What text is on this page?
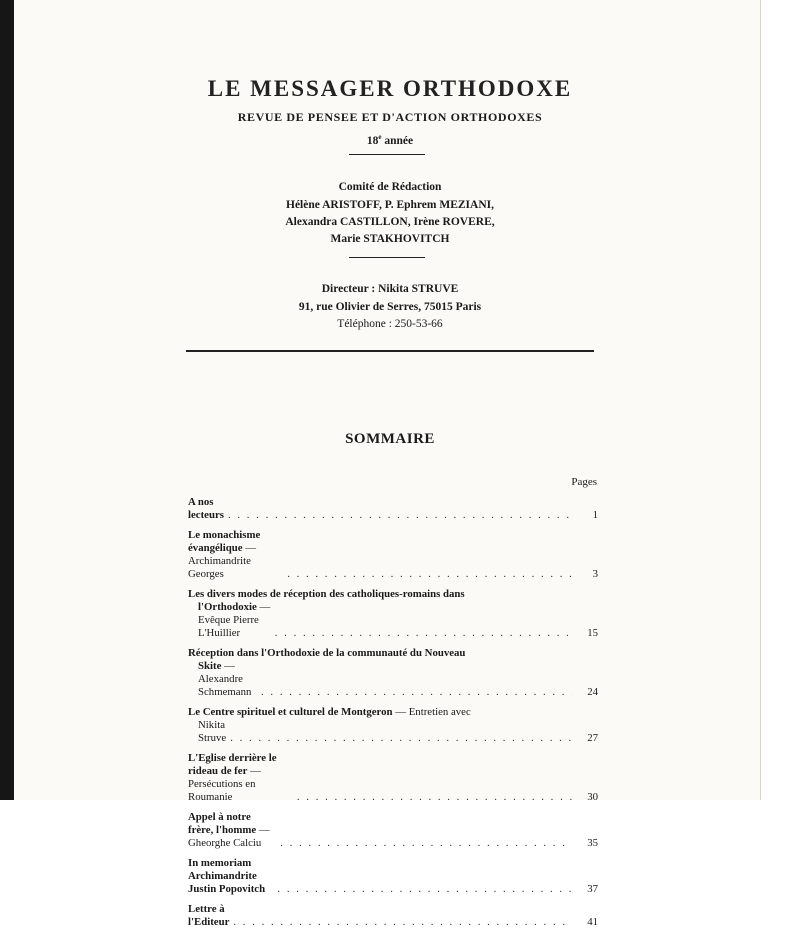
LE MESSAGER ORTHODOXE
REVUE DE PENSEE ET D'ACTION ORTHODOXES
18e année
Comité de Rédaction
Hélène ARISTOFF, P. Ephrem MEZIANI,
Alexandra CASTILLON, Irène ROVERE,
Marie STAKHOVITCH
Directeur : Nikita STRUVE
91, rue Olivier de Serres, 75015 Paris
Téléphone : 250-53-66
SOMMAIRE
Pages
A nos lecteurs . . .	1
Le monachisme évangélique — Archimandrite Georges . . .	3
Les divers modes de réception des catholiques-romains dans
l'Orthodoxie — Evêque Pierre L'Huillier . . .	15
Réception dans l'Orthodoxie de la communauté du Nouveau
Skite — Alexandre Schmemann . . .	24
Le Centre spirituel et culturel de Montgeron — Entretien avec
Nikita Struve . . .	27
L'Eglise derrière le rideau de fer — Persécutions en Roumanie . . .	30
Appel à notre frère, l'homme — Gheorghe Calciu . . .	35
In memoriam Archimandrite Justin Popovitch . . .	37
Lettre à l'Editeur . . .	41
